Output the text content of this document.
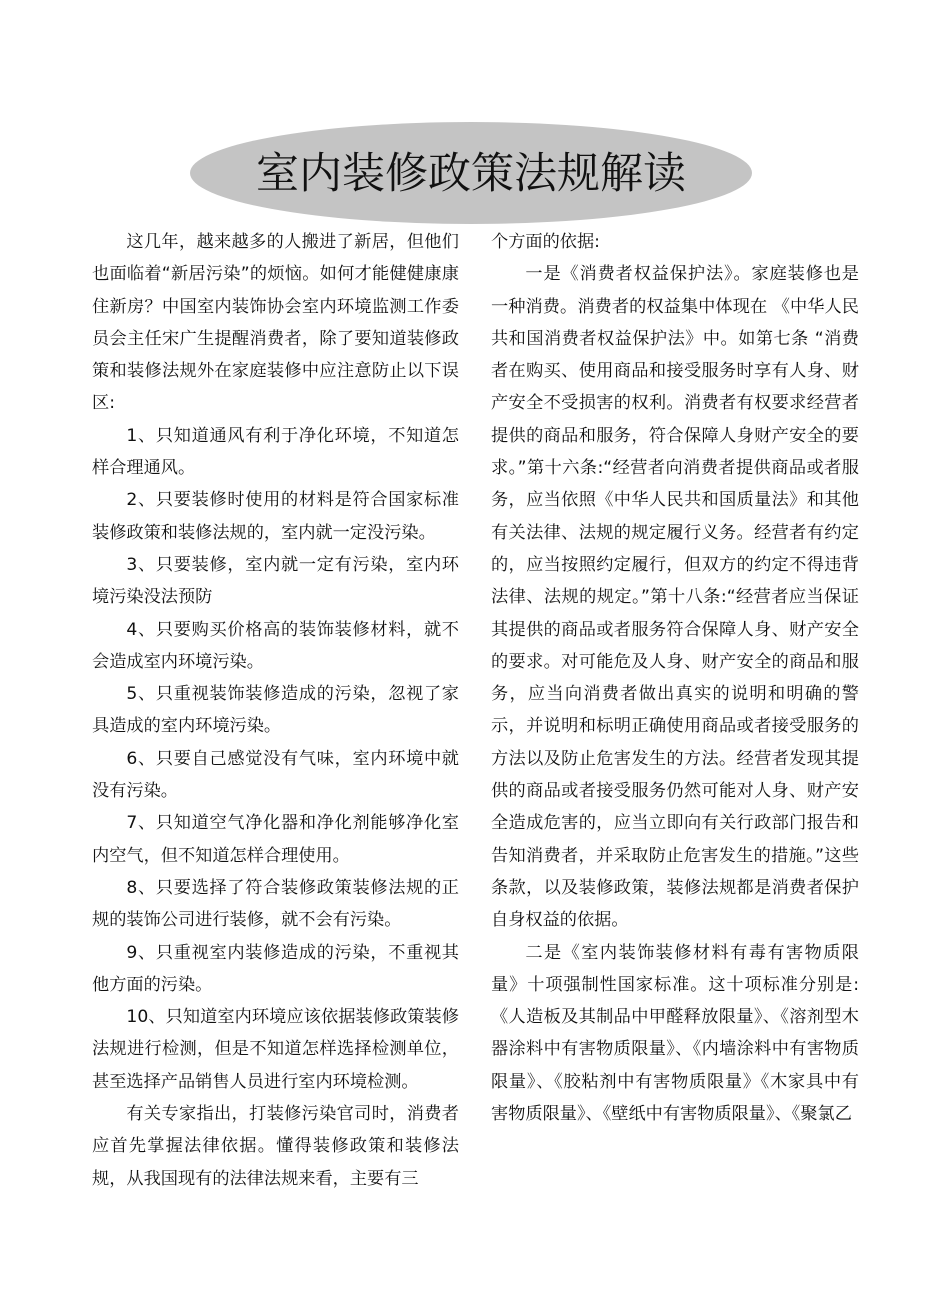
室内装修政策法规解读

这几年，越来越多的人搬进了新居，但他们也面临着“新居污染”的烦恼。如何才能健健康康住新房？中国室内装饰协会室内环境监测工作委员会主任宋广生提醒消费者，除了要知道装修政策和装修法规外在家庭装修中应注意防止以下误区:

1、只知道通风有利于净化环境，不知道怎样合理通风。

2、只要装修时使用的材料是符合国家标准装修政策和装修法规的，室内就一定没污染。

3、只要装修，室内就一定有污染，室内环境污染没法预防

4、只要购买价格高的装饰装修材料，就不会造成室内环境污染。

5、只重视装饰装修造成的污染，忽视了家具造成的室内环境污染。

6、只要自己感觉没有气味，室内环境中就没有污染。

7、只知道空气净化器和净化剂能够净化室内空气，但不知道怎样合理使用。

8、只要选择了符合装修政策装修法规的正规的装饰公司进行装修，就不会有污染。

9、只重视室内装修造成的污染，不重视其他方面的污染。

10、只知道室内环境应该依据装修政策装修法规进行检测，但是不知道怎样选择检测单位，甚至选择产品销售人员进行室内环境检测。

有关专家指出，打装修污染官司时，消费者应首先掌握法律依据。懂得装修政策和装修法规，从我国现有的法律法规来看，主要有三

个方面的依据:

一是《消费者权益保护法》。家庭装修也是一种消费。消费者的权益集中体现在 《中华人民共和国消费者权益保护法》中。如第七条 “消费者在购买、使用商品和接受服务时享有人身、财产安全不受损害的权利。消费者有权要求经营者提供的商品和服务，符合保障人身财产安全的要求。”第十六条:“经营者向消费者提供商品或者服务，应当依照《中华人民共和国质量法》和其他有关法律、法规的规定履行义务。经营者有约定的，应当按照约定履行，但双方的约定不得违背法律、法规的规定。”第十八条:“经营者应当保证其提供的商品或者服务符合保障人身、财产安全的要求。对可能危及人身、财产安全的商品和服务，应当向消费者做出真实的说明和明确的警示，并说明和标明正确使用商品或者接受服务的方法以及防止危害发生的方法。经营者发现其提供的商品或者接受服务仍然可能对人身、财产安全造成危害的，应当立即向有关行政部门报告和告知消费者，并采取防止危害发生的措施。”这些条款，以及装修政策，装修法规都是消费者保护自身权益的依据。

二是《室内装饰装修材料有毒有害物质限量》十项强制性国家标准。这十项标准分别是:《人造板及其制品中甲醛释放限量》、《溶剂型木器涂料中有害物质限量》、《内墙涂料中有害物质限量》、《胶粘剂中有害物质限量》《木家具中有害物质限量》、《壁纸中有害物质限量》、《聚氯乙
